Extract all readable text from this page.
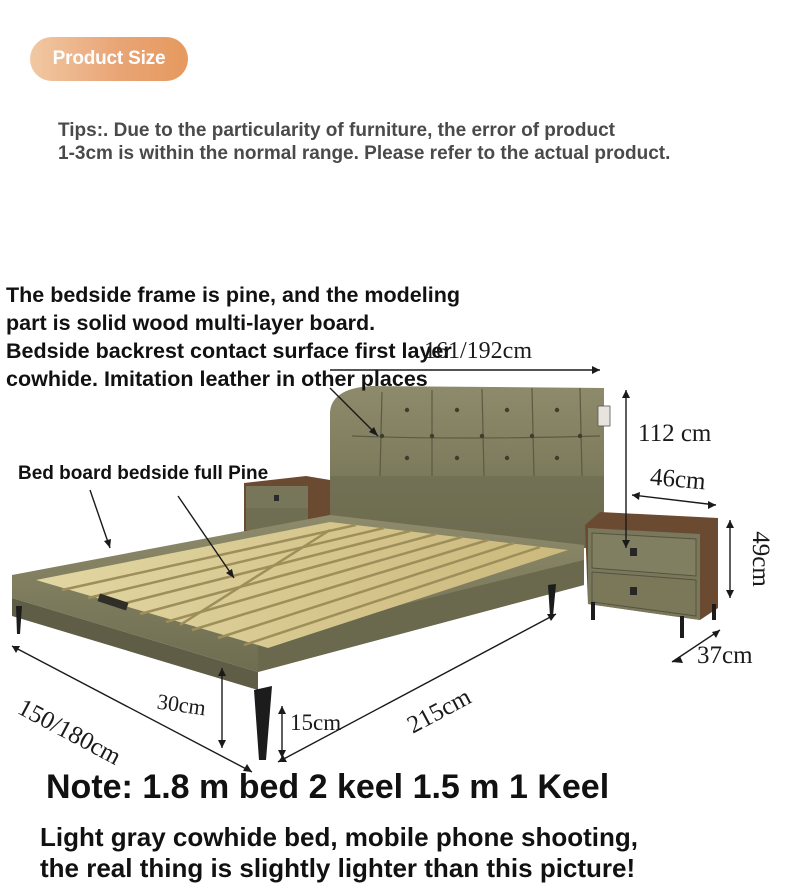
Product Size
Tips:. Due to the particularity of furniture, the error of product
1-3cm is within the normal range. Please refer to the actual product.
The bedside frame is pine, and the modeling
part is solid wood multi-layer board.
Bedside backrest contact surface first layer
cowhide. Imitation leather in other places
Bed board bedside full Pine
161/192cm
112 cm
46cm
49cm
37cm
150/180cm 30cm
15cm 215cm
Note: 1.8 m bed 2 keel 1.5 m 1 Keel
Light gray cowhide bed, mobile phone shooting,
the real thing is slightly lighter than this picture!
